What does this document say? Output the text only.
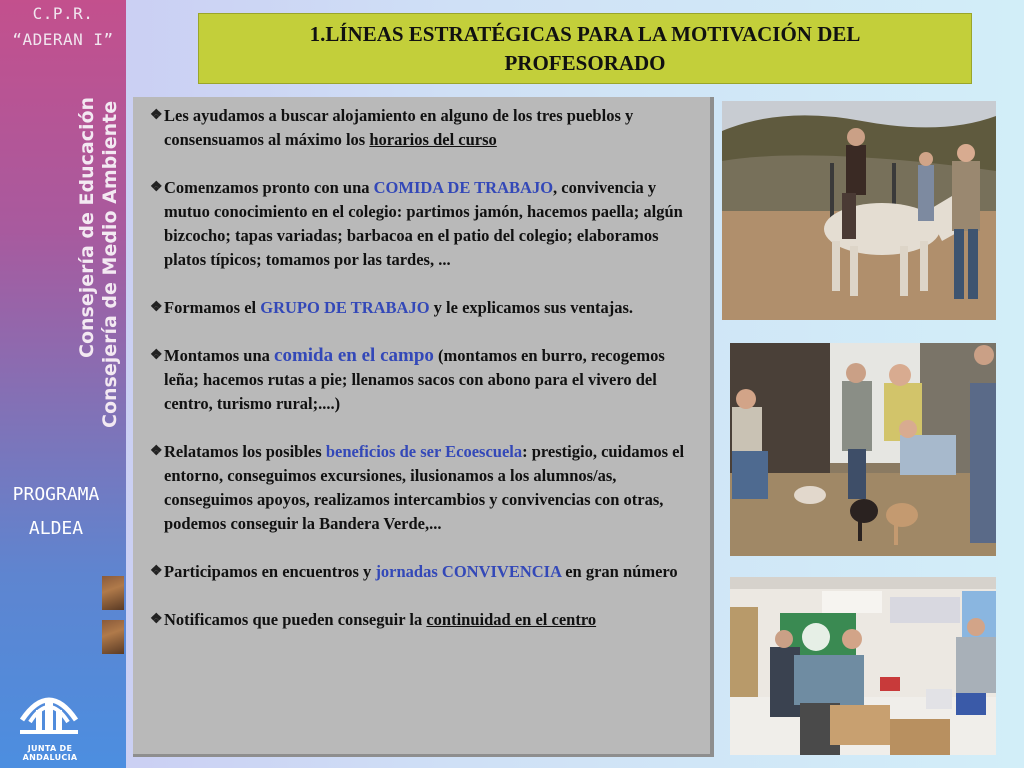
C.P.R.
“ADERAN I”
Consejería de Educación Consejería de Medio Ambiente
PROGRAMA
ALDEA
JUNTA DE ANDALUCIA
1.LÍNEAS ESTRATÉGICAS PARA LA MOTIVACIÓN DEL PROFESORADO
❖ Les ayudamos a buscar alojamiento en alguno de los tres pueblos y consensuamos al máximo los horarios del curso
❖ Comenzamos pronto con una COMIDA DE TRABAJO, convivencia y mutuo conocimiento en el colegio: partimos jamón, hacemos paella; algún bizcocho; tapas variadas; barbacoa en el patio del colegio; elaboramos platos típicos; tomamos por las tardes, ...
❖ Formamos el GRUPO DE TRABAJO y le explicamos sus ventajas.
❖ Montamos una comida en el campo (montamos en burro, recogemos leña; hacemos rutas a pie; llenamos sacos con abono para el vivero del centro, turismo rural;....)
❖ Relatamos los posibles beneficios de ser Ecoescuela: prestigio, cuidamos el entorno, conseguimos excursiones, ilusionamos a los alumnos/as, conseguimos apoyos, realizamos intercambios y convivencias con otras, podemos conseguir la Bandera Verde,...
❖ Participamos en encuentros y jornadas CONVIVENCIA en gran número
❖ Notificamos que pueden conseguir la continuidad en el centro
